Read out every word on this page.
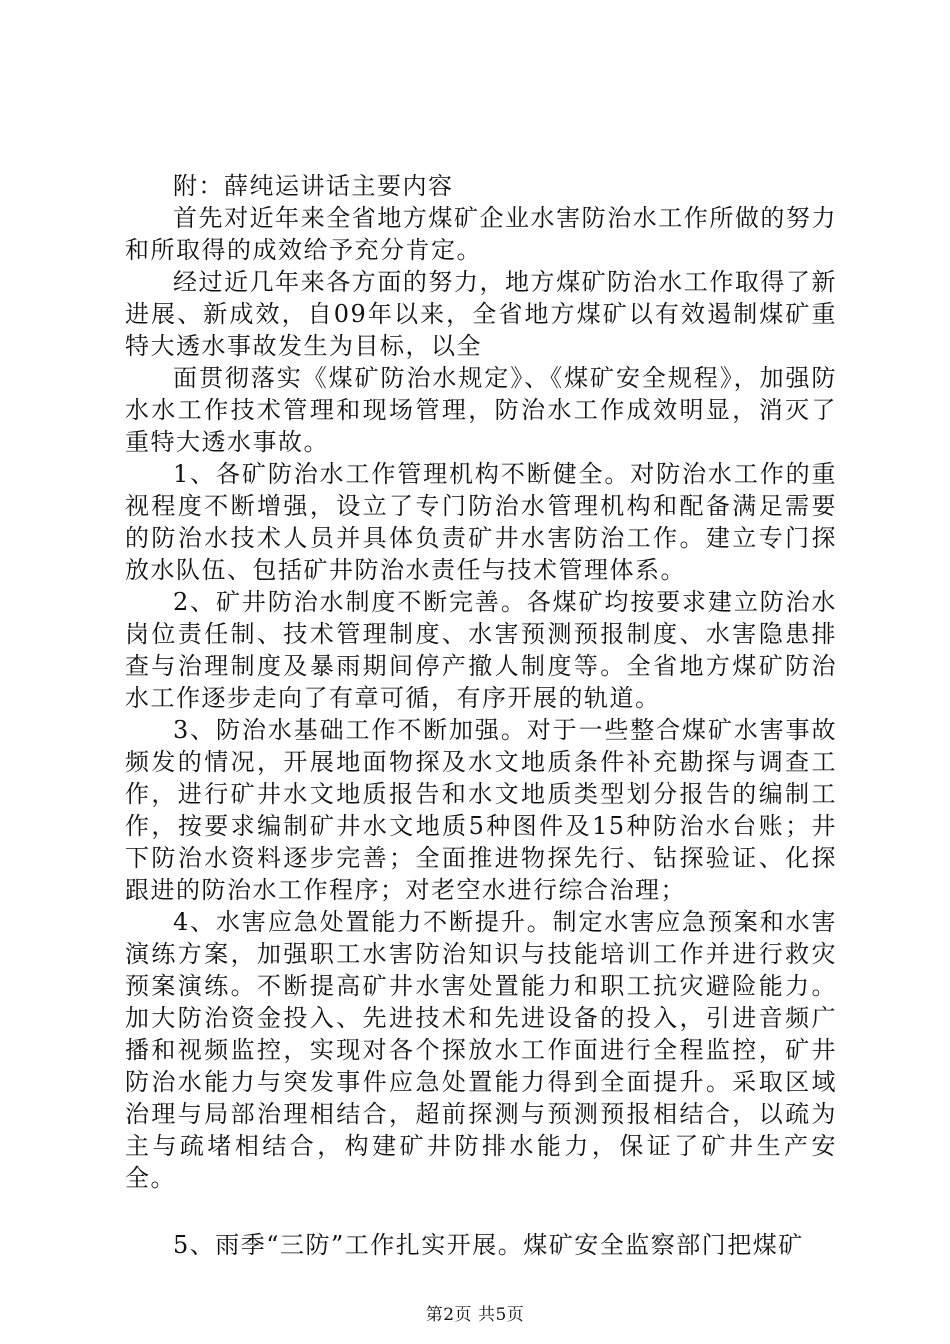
附：薛纯运讲话主要内容

首先对近年来全省地方煤矿企业水害防治水工作所做的努力和所取得的成效给予充分肯定。

经过近几年来各方面的努力，地方煤矿防治水工作取得了新进展、新成效，自09年以来，全省地方煤矿以有效遏制煤矿重特大透水事故发生为目标，以全

面贯彻落实《煤矿防治水规定》、《煤矿安全规程》，加强防水水工作技术管理和现场管理，防治水工作成效明显，消灭了重特大透水事故。

1、各矿防治水工作管理机构不断健全。对防治水工作的重视程度不断增强，设立了专门防治水管理机构和配备满足需要的防治水技术人员并具体负责矿井水害防治工作。建立专门探放水队伍、包括矿井防治水责任与技术管理体系。

2、矿井防治水制度不断完善。各煤矿均按要求建立防治水岗位责任制、技术管理制度、水害预测预报制度、水害隐患排查与治理制度及暴雨期间停产撤人制度等。全省地方煤矿防治水工作逐步走向了有章可循，有序开展的轨道。

3、防治水基础工作不断加强。对于一些整合煤矿水害事故频发的情况，开展地面物探及水文地质条件补充勘探与调查工作，进行矿井水文地质报告和水文地质类型划分报告的编制工作，按要求编制矿井水文地质5种图件及15种防治水台账；井下防治水资料逐步完善；全面推进物探先行、钻探验证、化探跟进的防治水工作程序；对老空水进行综合治理；

4、水害应急处置能力不断提升。制定水害应急预案和水害演练方案，加强职工水害防治知识与技能培训工作并进行救灾预案演练。不断提高矿井水害处置能力和职工抗灾避险能力。加大防治资金投入、先进技术和先进设备的投入，引进音频广播和视频监控，实现对各个探放水工作面进行全程监控，矿井防治水能力与突发事件应急处置能力得到全面提升。采取区域治理与局部治理相结合，超前探测与预测预报相结合，以疏为主与疏堵相结合，构建矿井防排水能力，保证了矿井生产安全。

5、雨季“三防”工作扎实开展。煤矿安全监察部门把煤矿

第2页 共5页
